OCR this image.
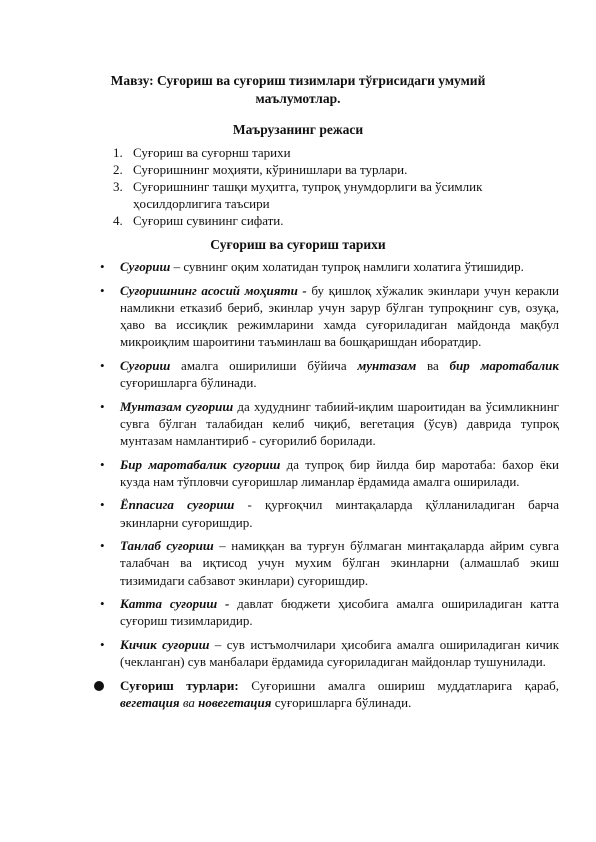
Мавзу: Суғориш ва суғориш тизимлари тўғрисидаги умумий маълумотлар.
Маърузанинг режаси
1. Суғориш ва суғорнш тарихи
2. Суғоришнинг моҳияти, кўринишлари ва турлари.
3. Суғоришнинг ташқи муҳитга, тупроқ унумдорлиги ва ўсимлик ҳосилдорлигига таъсири
4. Суғориш сувининг сифати.
Суғориш ва суғориш тарихи
• Суғориш – сувнинг оқим холатидан тупроқ намлиги холатига ўтишидир.
• Суғоришнинг асосий моҳияти - бу қишлоқ хўжалик экинлари учун керакли намликни етказиб бериб, экинлар учун зарур бўлган тупроқнинг сув, озуқа, ҳаво ва иссиқлик режимларини хамда суғориладиган майдонда мақбул микроиқлим шароитини таъминлаш ва бошқаришдан иборатдир.
• Суғориш амалга оширилиши бўйича мунтазам ва бир маротабалик суғоришларга бўлинади.
• Мунтазам суғориш да худуднинг табиий-иқлим шароитидан ва ўсимликнинг сувга бўлган талабидан келиб чиқиб, вегетация (ўсув) даврида тупроқ мунтазам намлантириб - суғорилиб борилади.
• Бир маротабалик суғориш да тупроқ бир йилда бир маротаба: бахор ёки кузда нам тўпловчи суғоришлар лиманлар ёрдамида амалга оширилади.
• Ёппасига суғориш - қурғоқчил минтақаларда қўлланиладиган барча экинларни суғоришдир.
• Танлаб суғориш – намиққан ва турғун бўлмаган минтақаларда айрим сувга талабчан ва иқтисод учун мухим бўлган экинларни (алмашлаб экиш тизимидаги сабзавот экинлари) суғоришдир.
• Катта суғориш - давлат бюджети ҳисобига амалга ошириладиган катта суғориш тизимларидир.
• Кичик суғориш – сув истъмолчилари ҳисобига амалга ошириладиган кичик (чекланган) сув манбалари ёрдамида суғориладиган майдонлар тушунилади.
Суғориш турлари: Суғоришни амалга ошириш муддатларига қараб, вегетация ва новегетация суғоришларга бўлинади.
